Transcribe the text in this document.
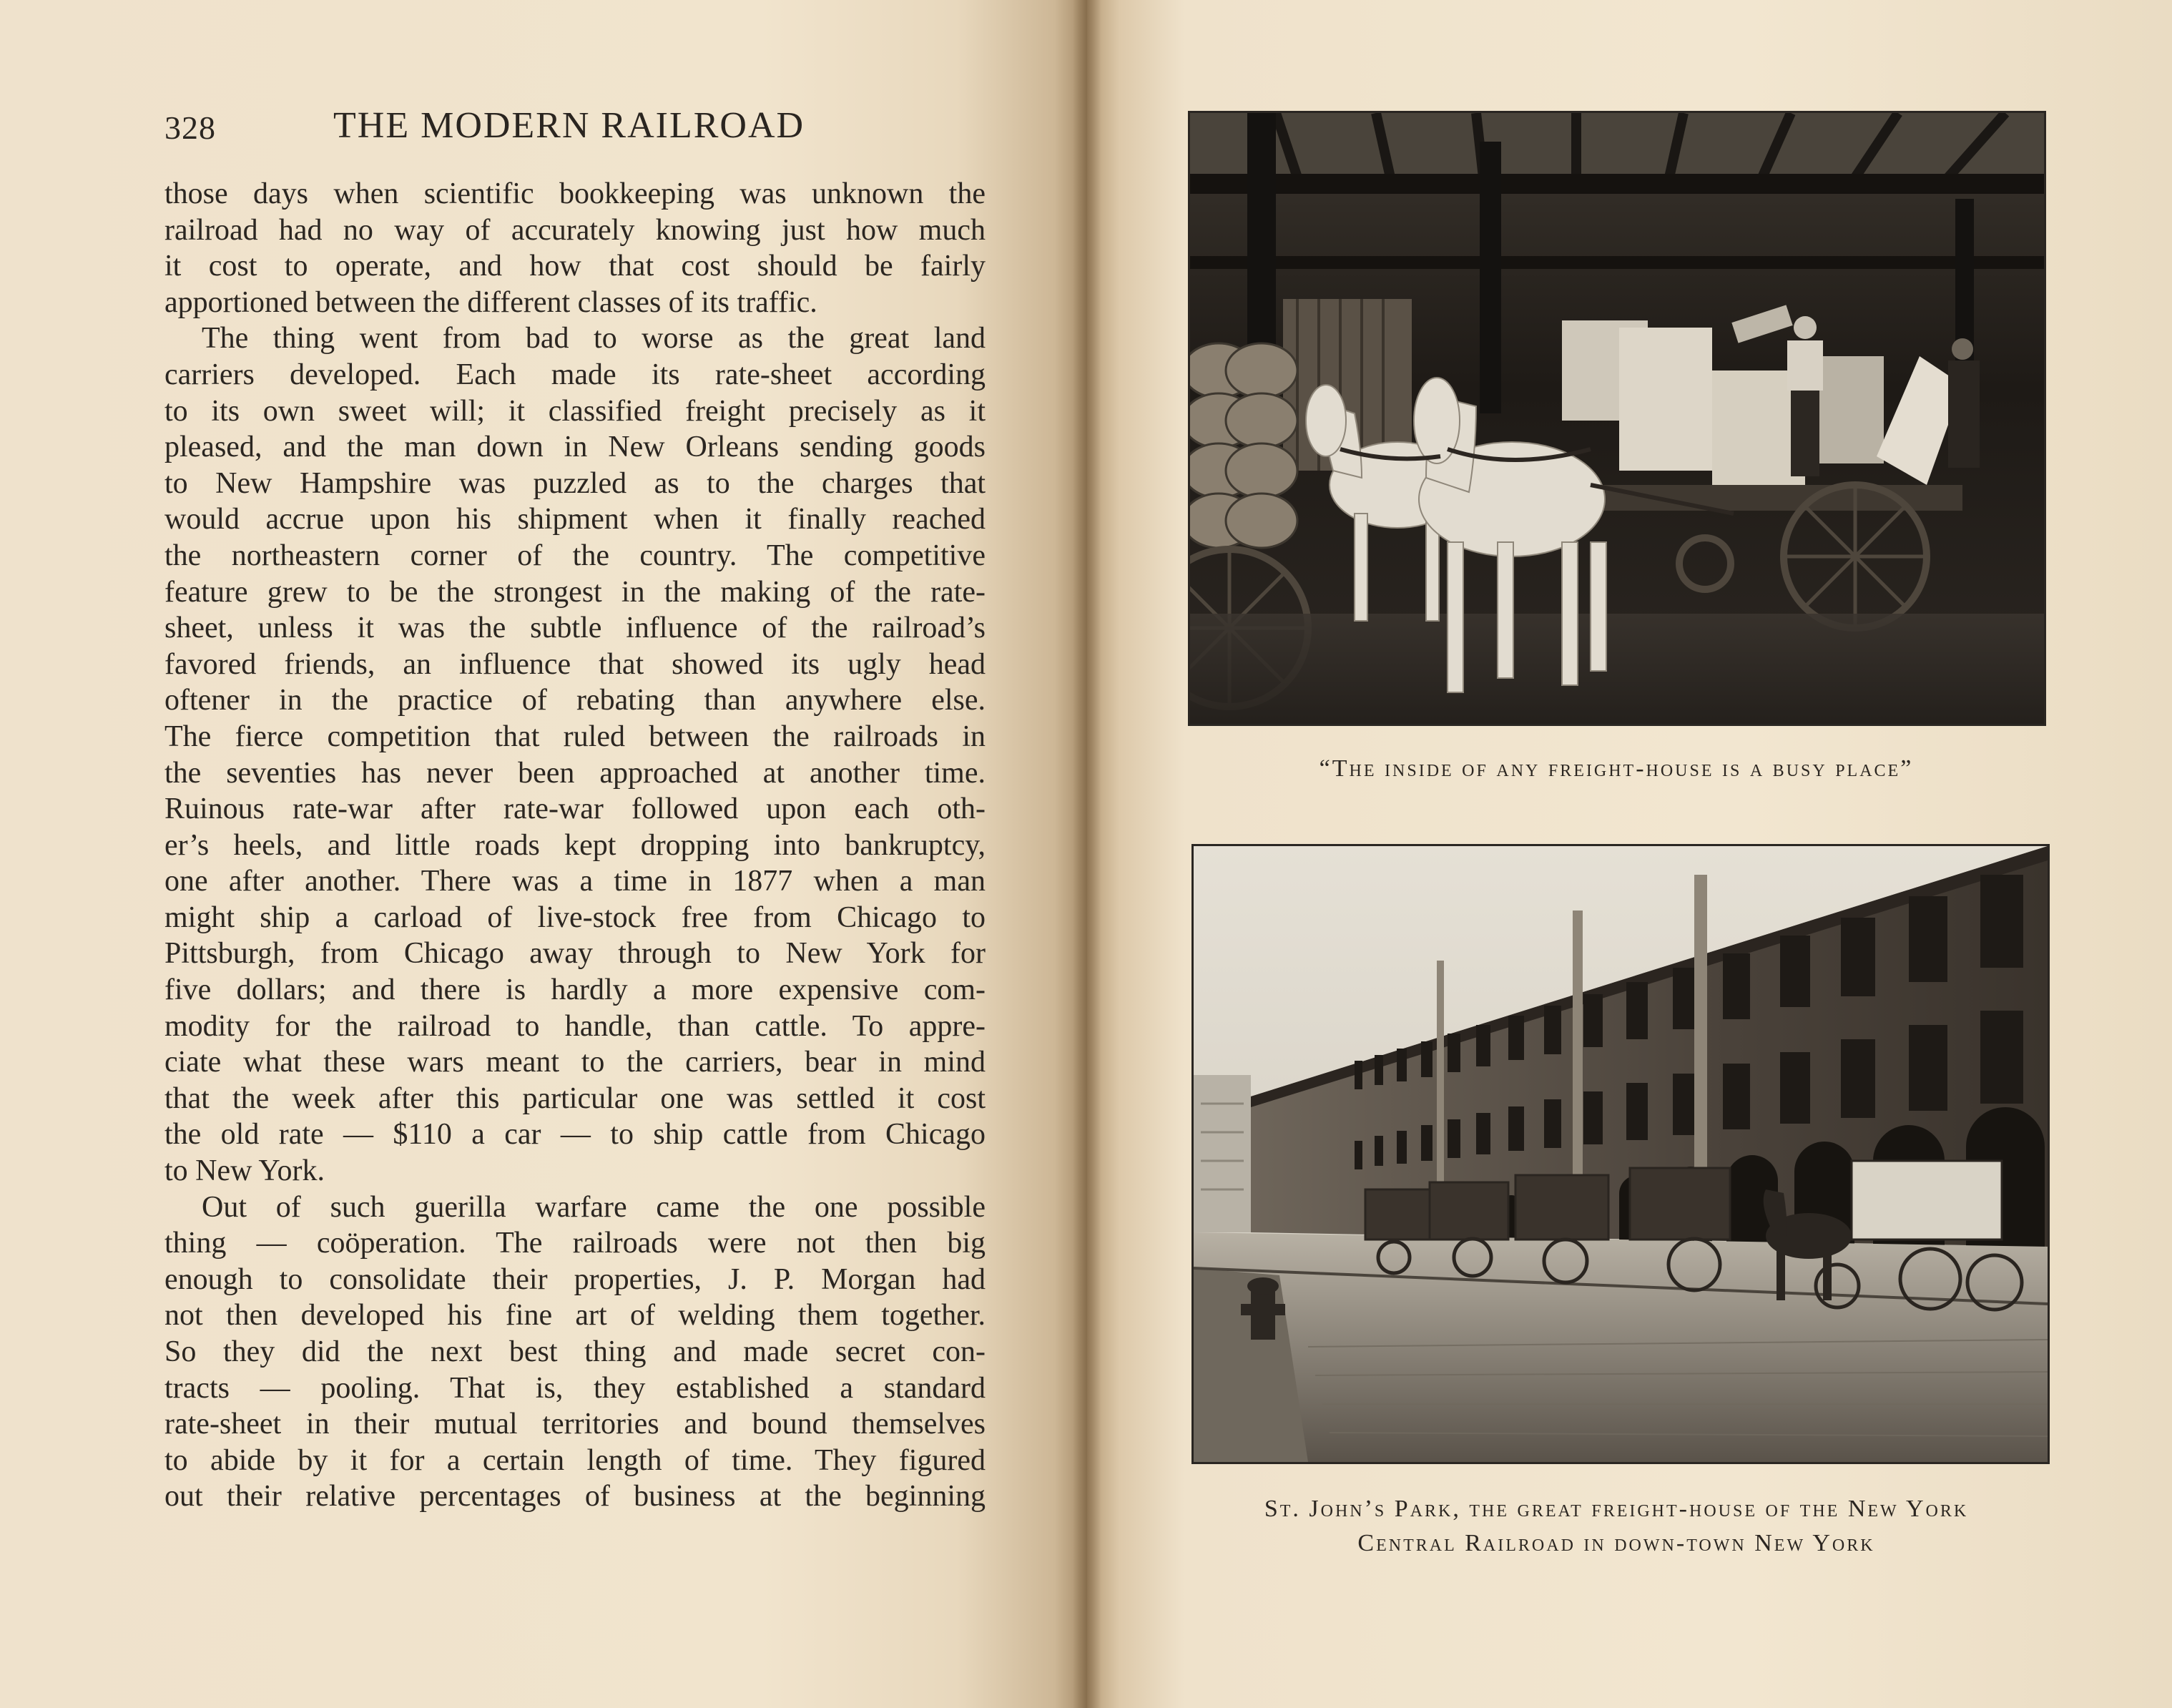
328	THE MODERN RAILROAD
those days when scientific bookkeeping was unknown the
railroad had no way of accurately knowing just how much
it cost to operate, and how that cost should be fairly
apportioned between the different classes of its traffic.
The thing went from bad to worse as the great land
carriers developed. Each made its rate-sheet according
to its own sweet will; it classified freight precisely as it
pleased, and the man down in New Orleans sending goods
to New Hampshire was puzzled as to the charges that
would accrue upon his shipment when it finally reached
the northeastern corner of the country. The competitive
feature grew to be the strongest in the making of the rate-
sheet, unless it was the subtle influence of the railroad’s
favored friends, an influence that showed its ugly head
oftener in the practice of rebating than anywhere else.
The fierce competition that ruled between the railroads in
the seventies has never been approached at another time.
Ruinous rate-war after rate-war followed upon each oth-
er’s heels, and little roads kept dropping into bankruptcy,
one after another. There was a time in 1877 when a man
might ship a carload of live-stock free from Chicago to
Pittsburgh, from Chicago away through to New York for
five dollars; and there is hardly a more expensive com-
modity for the railroad to handle, than cattle. To appre-
ciate what these wars meant to the carriers, bear in mind
that the week after this particular one was settled it cost
the old rate — $110 a car — to ship cattle from Chicago
to New York.
Out of such guerilla warfare came the one possible
thing — coöperation. The railroads were not then big
enough to consolidate their properties, J. P. Morgan had
not then developed his fine art of welding them together.
So they did the next best thing and made secret con-
tracts — pooling. That is, they established a standard
rate-sheet in their mutual territories and bound themselves
to abide by it for a certain length of time. They figured
out their relative percentages of business at the beginning
“The inside of any freight-house is a busy place”
St. John’s Park, the great freight-house of the New York
Central Railroad in down-town New York
